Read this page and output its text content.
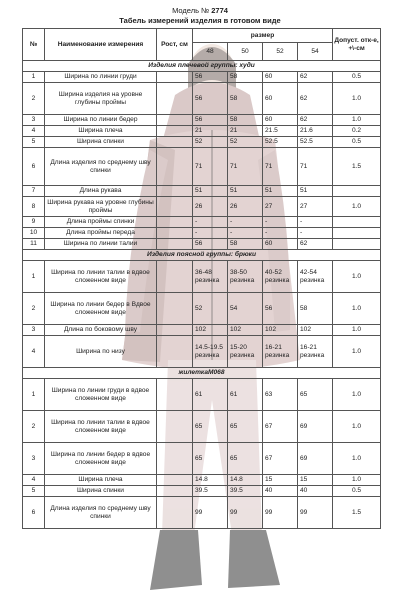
Модель № 2774
Табель измерений изделия в готовом виде
№	Наименование измерения	Рост, см	размер				Допуст. отк-е, +\-см
			48	50	52	54	
Изделия плечевой группы: худи							
1	Ширина по линии груди		56	58	60	62	0.5
2	Ширина изделия на уровне глубины проймы		56	58	60	62	1.0
3	Ширина по линии бедер		56	58	60	62	1.0
4	Ширина плеча		21	21	21.5	21.6	0.2
5	Ширина спинки		52	52	52.5	52.5	0.5
6	Длина изделия по среднему шву спинки		71	71	71	71	1.5
7	Длина рукава		51	51	51	51	
8	Ширина рукава на уровне глубины проймы		26	26	27	27	1.0
9	Длина проймы спинки		-	-	-	-	
10	Длина проймы переда		-	-	-	-	
11	Ширина по линии талии		56	58	60	62	
Изделия поясной группы: брюки							
1	Ширина по линии талии в вдвое сложенном виде		36-48 резинка	38-50 резинка	40-52 резинка	42-54 резинка	1.0
2	Ширина по линии бедер в Вдвое сложенном виде		52	54	56	58	1.0
3	Длина по боковому шву		102	102	102	102	1.0
4	Ширина по низу		14.5-19.5 резинка	15-20 резинка	16-21 резинка	16-21 резинка	1.0
жилеткаМ068							
1	Ширина по линии груди в вдвое сложенном виде		61	61	63	65	1.0
2	Ширина по линии талии в вдвое сложенном виде		65	65	67	69	1.0
3	Ширина по линии бедер в вдвое сложенном виде		65	65	67	69	1.0
4	Ширина плеча		14.8	14.8	15	15	1.0
5	Ширина спинки		39.5	39.5	40	40	0.5
6	Длина изделия по среднему шву спинки		99	99	99	99	1.5
